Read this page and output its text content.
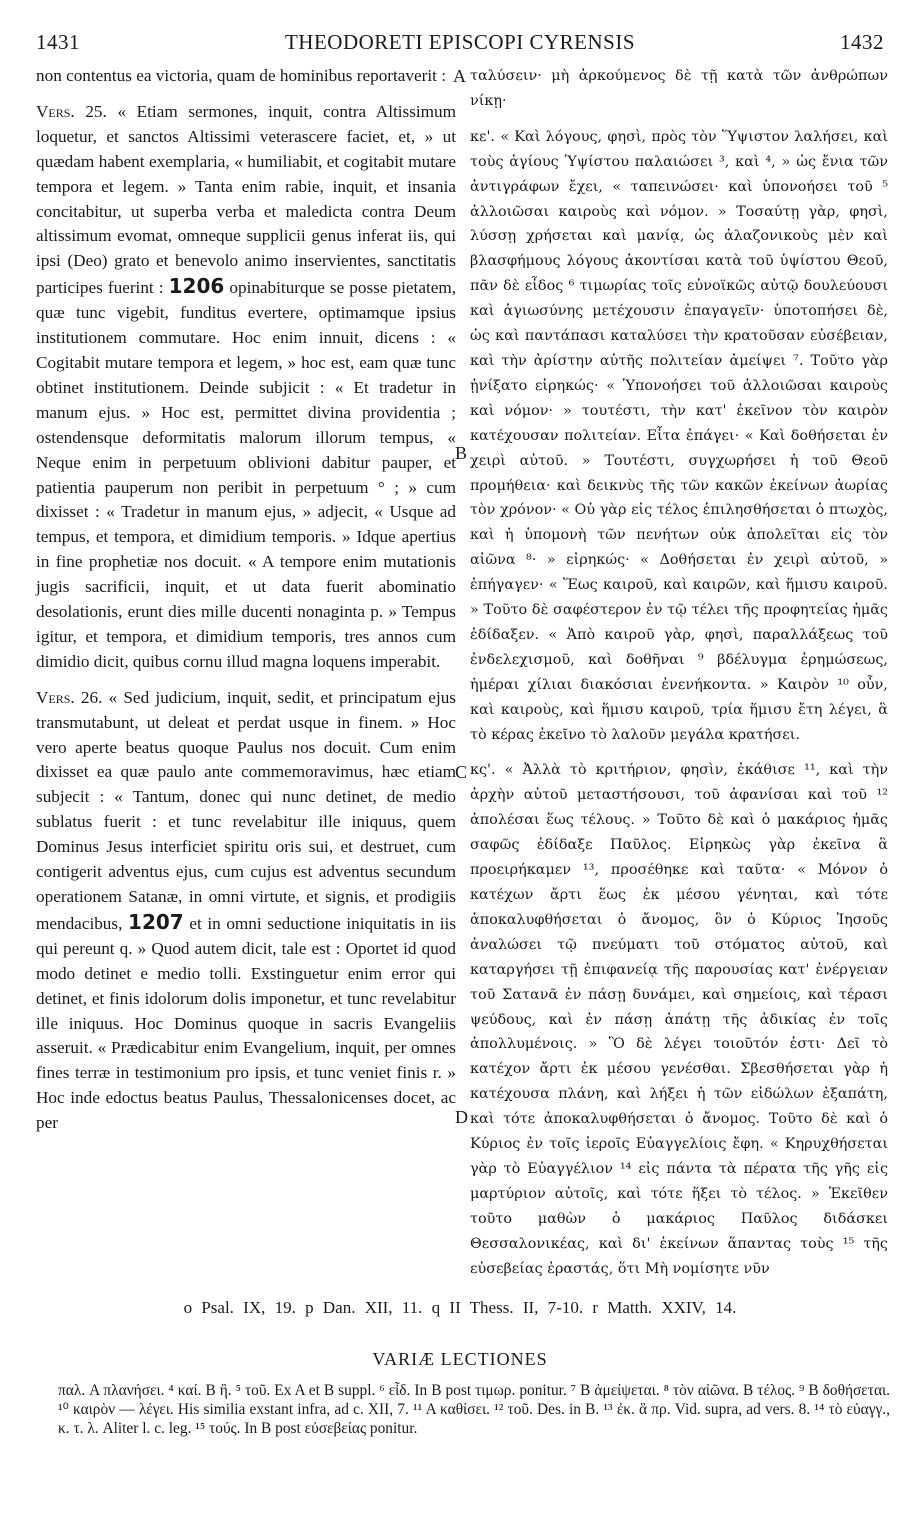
1431	THEODORETI EPISCOPI CYRENSIS	1432
A
B
C
D

non contentus ea victoria, quam de hominibus reportaverit :

Vers. 25. « Etiam sermones, inquit, contra Altissimum loquetur, et sanctos Altissimi veterascere faciet, et, » ut quædam habent exemplaria, « humiliabit, et cogitabit mutare tempora et legem. » Tanta enim rabie, inquit, et insania concitabitur, ut superba verba et maledicta contra Deum altissimum evomat, omneque supplicii genus inferat iis, qui ipsi (Deo) grato et benevolo animo inservientes, sanctitatis participes fuerint : 1206 opinabiturque se posse pietatem, quæ tunc vigebit, funditus evertere, optimamque ipsius institutionem commutare. Hoc enim innuit, dicens : « Cogitabit mutare tempora et legem, » hoc est, eam quæ tunc obtinet institutionem. Deinde subjicit : « Et tradetur in manum ejus. » Hoc est, permittet divina providentia ; ostendensque deformitatis malorum illorum tempus, « Neque enim in perpetuum oblivioni dabitur pauper, et patientia pauperum non peribit in perpetuum ° ; » cum dixisset : « Tradetur in manum ejus, » adjecit, « Usque ad tempus, et tempora, et dimidium temporis. » Idque apertius in fine prophetiæ nos docuit. « A tempore enim mutationis jugis sacrificii, inquit, et ut data fuerit abominatio desolationis, erunt dies mille ducenti nonaginta p. » Tempus igitur, et tempora, et dimidium temporis, tres annos cum dimidio dicit, quibus cornu illud magna loquens imperabit.

Vers. 26. « Sed judicium, inquit, sedit, et principatum ejus transmutabunt, ut deleat et perdat usque in finem. » Hoc vero aperte beatus quoque Paulus nos docuit. Cum enim dixisset ea quæ paulo ante commemoravimus, hæc etiam subjecit : « Tantum, donec qui nunc detinet, de medio sublatus fuerit : et tunc revelabitur ille iniquus, quem Dominus Jesus interficiet spiritu oris sui, et destruet, cum contigerit adventus ejus, cum cujus est adventus secundum operationem Satanæ, in omni virtute, et signis, et prodigiis mendacibus, 1207 et in omni seductione iniquitatis in iis qui pereunt q. » Quod autem dicit, tale est : Oportet id quod modo detinet e medio tolli. Exstinguetur enim error qui detinet, et finis idolorum dolis imponetur, et tunc revelabitur ille iniquus. Hoc Dominus quoque in sacris Evangeliis asseruit. « Prædicabitur enim Evangelium, inquit, per omnes fines terræ in testimonium pro ipsis, et tunc veniet finis r. » Hoc inde edoctus beatus Paulus, Thessalonicenses docet, ac per

ταλύσειν· μὴ ἀρκούμενος δὲ τῇ κατὰ τῶν ἀνθρώπων νίκῃ·

κε'. « Καὶ λόγους, φησὶ, πρὸς τὸν Ὕψιστον λαλήσει, καὶ τοὺς ἁγίους Ὑψίστου παλαιώσει ³, καὶ ⁴, » ὡς ἔνια τῶν ἀντιγράφων ἔχει, « ταπεινώσει· καὶ ὑπονοήσει τοῦ ⁵ ἀλλοιῶσαι καιροὺς καὶ νόμον. » Τοσαύτῃ γὰρ, φησὶ, λύσσῃ χρήσεται καὶ μανίᾳ, ὡς ἀλαζονικοὺς μὲν καὶ βλασφήμους λόγους ἀκοντίσαι κατὰ τοῦ ὑψίστου Θεοῦ, πᾶν δὲ εἶδος ⁶ τιμωρίας τοῖς εὐνοϊκῶς αὐτῷ δουλεύουσι καὶ ἁγιωσύνης μετέχουσιν ἐπαγαγεῖν· ὑποτοπήσει δὲ, ὡς καὶ παντάπασι καταλύσει τὴν κρατοῦσαν εὐσέβειαν, καὶ τὴν ἀρίστην αὐτῆς πολιτείαν ἀμείψει ⁷. Τοῦτο γὰρ ᾐνίξατο εἰρηκώς· « Ὑπονοήσει τοῦ ἀλλοιῶσαι καιροὺς καὶ νόμον· » τουτέστι, τὴν κατ' ἐκεῖνον τὸν καιρὸν κατέχουσαν πολιτείαν. Εἶτα ἐπάγει· « Καὶ δοθήσεται ἐν χειρὶ αὐτοῦ. » Τουτέστι, συγχωρήσει ἡ τοῦ Θεοῦ προμήθεια· καὶ δεικνὺς τῆς τῶν κακῶν ἐκείνων ἀωρίας τὸν χρόνον· « Οὐ γὰρ εἰς τέλος ἐπιλησθήσεται ὁ πτωχὸς, καὶ ἡ ὑπομονὴ τῶν πενήτων οὐκ ἀπολεῖται εἰς τὸν αἰῶνα ⁸· » εἰρηκώς· « Δοθήσεται ἐν χειρὶ αὐτοῦ, » ἐπήγαγεν· « Ἕως καιροῦ, καὶ καιρῶν, καὶ ἥμισυ καιροῦ. » Τοῦτο δὲ σαφέστερον ἐν τῷ τέλει τῆς προφητείας ἡμᾶς ἐδίδαξεν. « Ἀπὸ καιροῦ γὰρ, φησὶ, παραλλάξεως τοῦ ἐνδελεχισμοῦ, καὶ δοθῆναι ⁹ βδέλυγμα ἐρημώσεως, ἡμέραι χίλιαι διακόσιαι ἐνενήκοντα. » Καιρὸν ¹⁰ οὖν, καὶ καιροὺς, καὶ ἥμισυ καιροῦ, τρία ἥμισυ ἔτη λέγει, ἃ τὸ κέρας ἐκεῖνο τὸ λαλοῦν μεγάλα κρατήσει.

κς'. « Ἀλλὰ τὸ κριτήριον, φησὶν, ἐκάθισε ¹¹, καὶ τὴν ἀρχὴν αὐτοῦ μεταστήσουσι, τοῦ ἀφανίσαι καὶ τοῦ ¹² ἀπολέσαι ἕως τέλους. » Τοῦτο δὲ καὶ ὁ μακάριος ἡμᾶς σαφῶς ἐδίδαξε Παῦλος. Εἰρηκὼς γὰρ ἐκεῖνα ἃ προειρήκαμεν ¹³, προσέθηκε καὶ ταῦτα· « Μόνον ὁ κατέχων ἄρτι ἕως ἐκ μέσου γένηται, καὶ τότε ἀποκαλυφθήσεται ὁ ἄνομος, ὃν ὁ Κύριος Ἰησοῦς ἀναλώσει τῷ πνεύματι τοῦ στόματος αὐτοῦ, καὶ καταργήσει τῇ ἐπιφανείᾳ τῆς παρουσίας κατ' ἐνέργειαν τοῦ Σατανᾶ ἐν πάσῃ δυνάμει, καὶ σημείοις, καὶ τέρασι ψεύδους, καὶ ἐν πάσῃ ἀπάτῃ τῆς ἀδικίας ἐν τοῖς ἀπολλυμένοις. » Ὃ δὲ λέγει τοιοῦτόν ἐστι· Δεῖ τὸ κατέχον ἄρτι ἐκ μέσου γενέσθαι. Σβεσθήσεται γὰρ ἡ κατέχουσα πλάνη, καὶ λήξει ἡ τῶν εἰδώλων ἐξαπάτη, καὶ τότε ἀποκαλυφθήσεται ὁ ἄνομος. Τοῦτο δὲ καὶ ὁ Κύριος ἐν τοῖς ἱεροῖς Εὐαγγελίοις ἔφη. « Κηρυχθήσεται γὰρ τὸ Εὐαγγέλιον ¹⁴ εἰς πάντα τὰ πέρατα τῆς γῆς εἰς μαρτύριον αὐτοῖς, καὶ τότε ἥξει τὸ τέλος. » Ἐκεῖθεν τοῦτο μαθὼν ὁ μακάριος Παῦλος διδάσκει Θεσσαλονικέας, καὶ δι' ἐκείνων ἅπαντας τοὺς ¹⁵ τῆς εὐσεβείας ἐραστάς, ὅτι Μὴ νομίσητε νῦν

o Psal. IX, 19. p Dan. XII, 11. q II Thess. II, 7-10. r Matth. XXIV, 14.
VARIÆ LECTIONES

παλ. A πλανήσει. ⁴ καί. B ἢ. ⁵ τοῦ. Ex A et B suppl. ⁶ εἶδ. In B post τιμωρ. ponitur. ⁷ B ἀμείψεται. ⁸ τὸν αἰῶνα. B τέλος. ⁹ B δοθήσεται. ¹⁰ καιρὸν — λέγει. His similia exstant infra, ad c. XII, 7. ¹¹ A καθίσει. ¹² τοῦ. Des. in B. ¹³ ἐκ. ἃ πρ. Vid. supra, ad vers. 8. ¹⁴ τὸ εὐαγγ., κ. τ. λ. Aliter l. c. leg. ¹⁵ τούς. In B post εὐσεβείας ponitur.
